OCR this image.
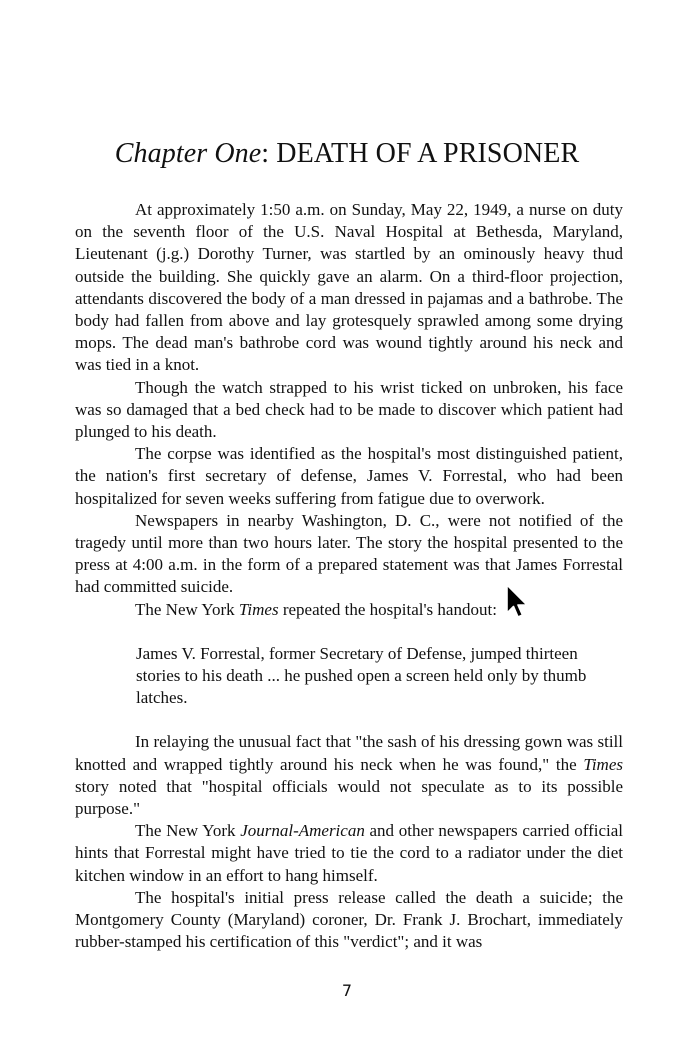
Chapter One: DEATH OF A PRISONER

At approximately 1:50 a.m. on Sunday, May 22, 1949, a nurse on duty on the seventh floor of the U.S. Naval Hospital at Bethesda, Maryland, Lieutenant (j.g.) Dorothy Turner, was startled by an ominously heavy thud outside the building. She quickly gave an alarm. On a third-floor projection, attendants discovered the body of a man dressed in pajamas and a bathrobe. The body had fallen from above and lay grotesquely sprawled among some drying mops. The dead man's bathrobe cord was wound tightly around his neck and was tied in a knot.

Though the watch strapped to his wrist ticked on unbroken, his face was so damaged that a bed check had to be made to discover which patient had plunged to his death.

The corpse was identified as the hospital's most distinguished patient, the nation's first secretary of defense, James V. Forrestal, who had been hospitalized for seven weeks suffering from fatigue due to overwork.

Newspapers in nearby Washington, D. C., were not notified of the tragedy until more than two hours later. The story the hospital presented to the press at 4:00 a.m. in the form of a prepared statement was that James Forrestal had committed suicide.

The New York Times repeated the hospital's handout:

James V. Forrestal, former Secretary of Defense, jumped thirteen stories to his death ... he pushed open a screen held only by thumb latches.

In relaying the unusual fact that "the sash of his dressing gown was still knotted and wrapped tightly around his neck when he was found," the Times story noted that "hospital officials would not speculate as to its possible purpose."

The New York Journal-American and other newspapers carried official hints that Forrestal might have tried to tie the cord to a radiator under the diet kitchen window in an effort to hang himself.

The hospital's initial press release called the death a suicide; the Montgomery County (Maryland) coroner, Dr. Frank J. Brochart, immediately rubber-stamped his certification of this "verdict"; and it was

7
